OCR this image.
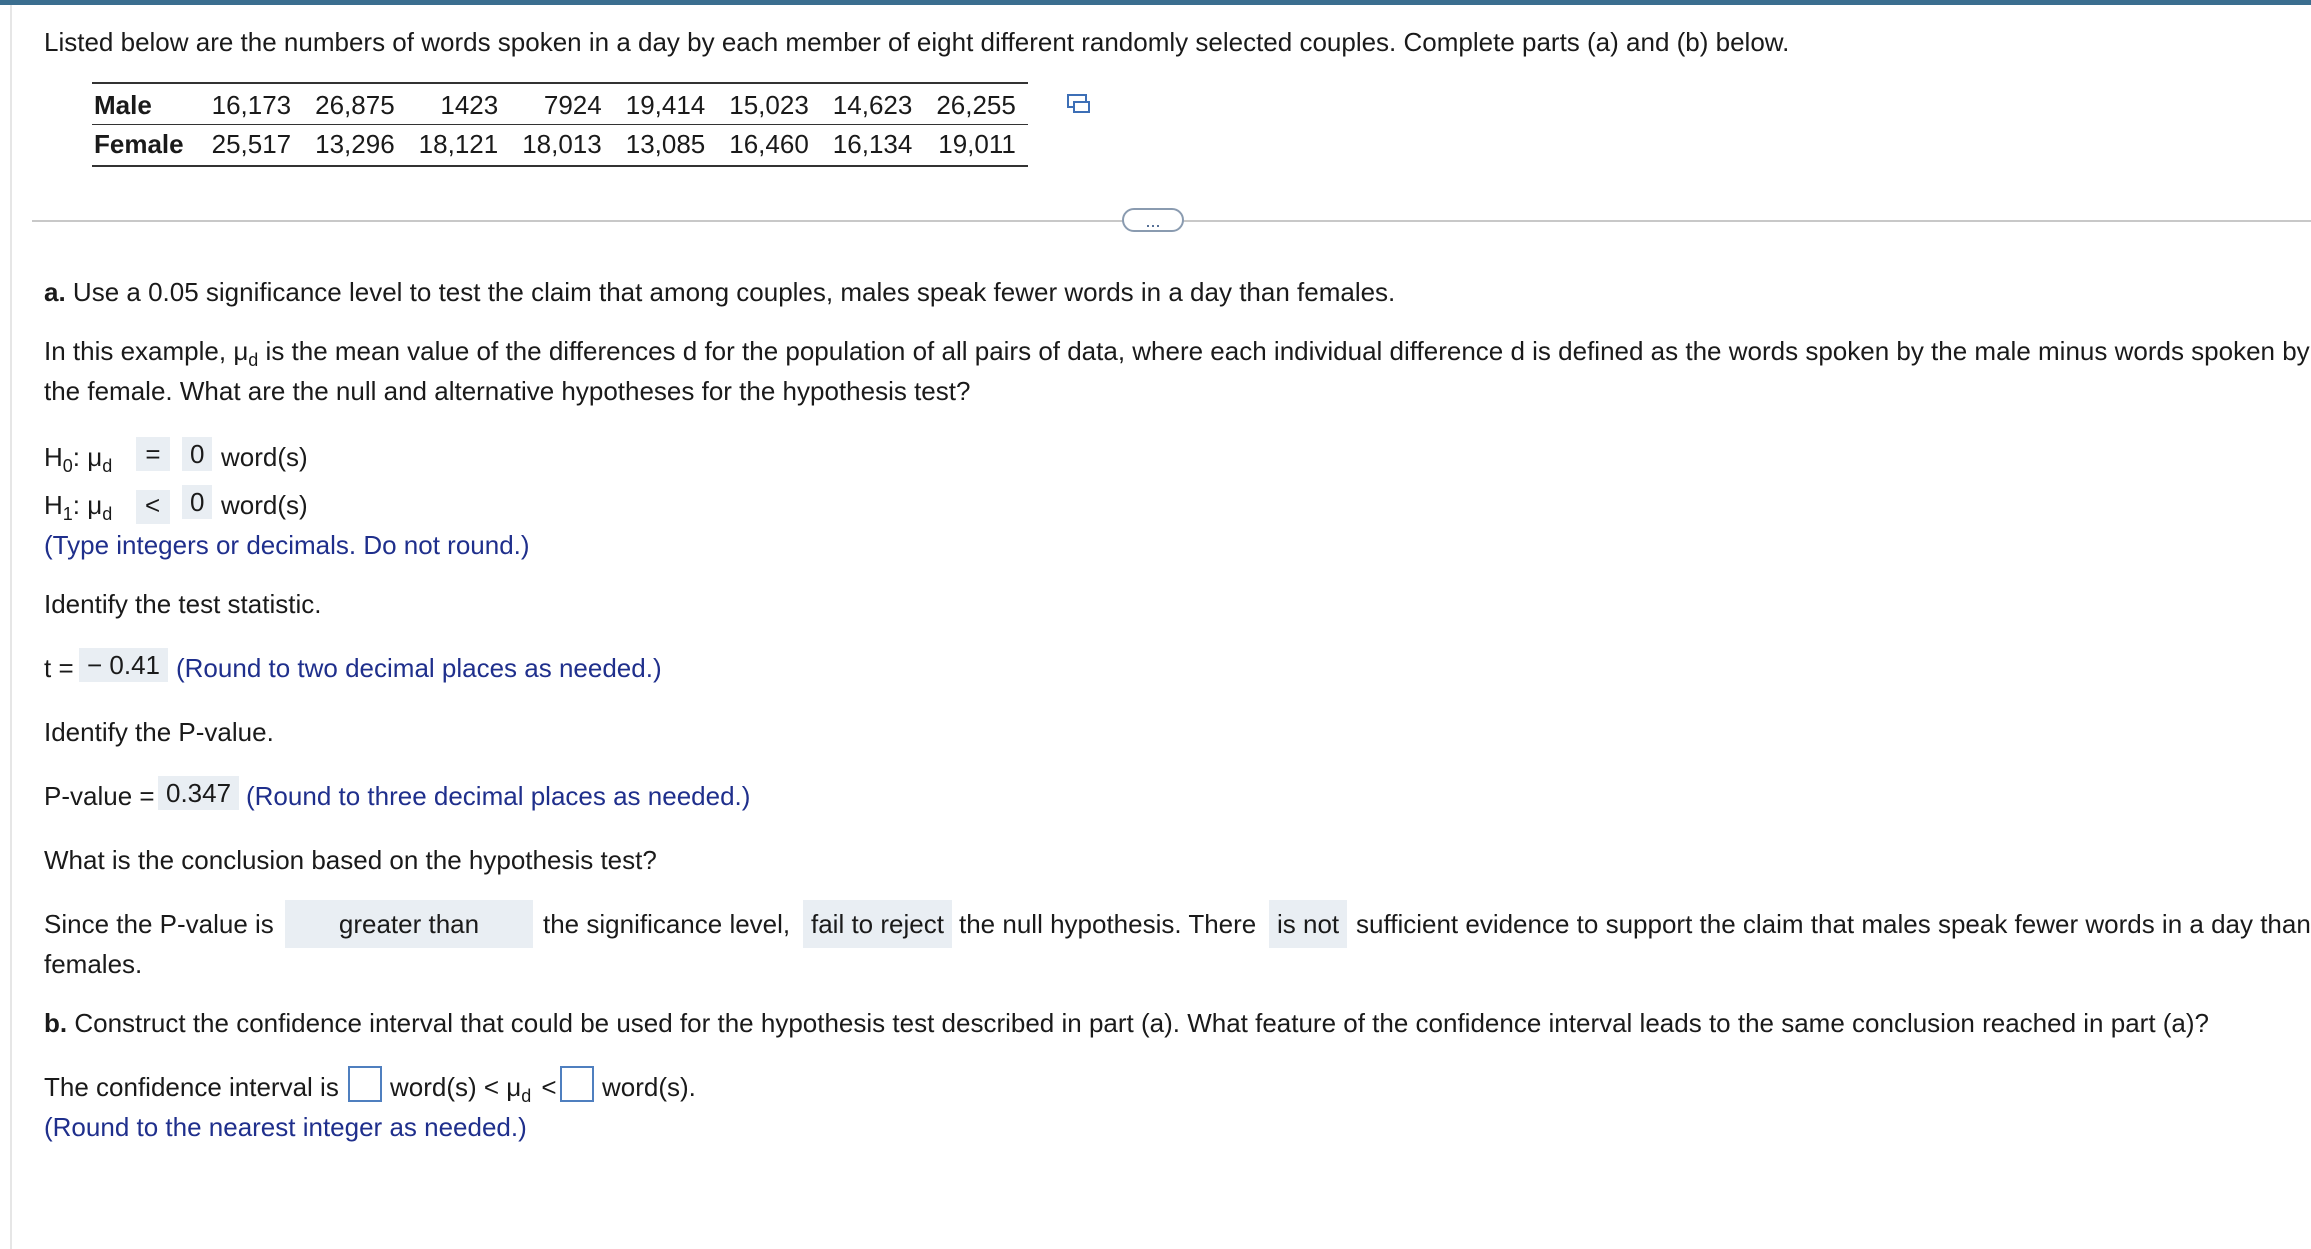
Listed below are the numbers of words spoken in a day by each member of eight different randomly selected couples. Complete parts (a) and (b) below.
Male	16,173	26,875	1423	7924	19,414	15,023	14,623	26,255
Female	25,517	13,296	18,121	18,013	13,085	16,460	16,134	19,011
...
a. Use a 0.05 significance level to test the claim that among couples, males speak fewer words in a day than females.
In this example, $\mu_d$ is the mean value of the differences d for the population of all pairs of data, where each individual difference d is defined as the words spoken by the male minus words spoken by
the female. What are the null and alternative hypotheses for the hypothesis test?
$H_0$: $\mu_d$	=	0 word(s)
$H_1$: $\mu_d$ <	0 word(s)
(Type integers or decimals. Do not round.)
Identify the test statistic.
t = − 0.41 (Round to two decimal places as needed.)
Identify the P-value.
P-value = 0.347 (Round to three decimal places as needed.)
What is the conclusion based on the hypothesis test?
Since the P-value is	greater than	the significance level, fail to reject the null hypothesis. There is not sufficient evidence to support the claim that males speak fewer words in a day than
females.
b. Construct the confidence interval that could be used for the hypothesis test described in part (a). What feature of the confidence interval leads to the same conclusion reached in part (a)?
The confidence interval is word(s) < $\mu_d$ < word(s).
(Round to the nearest integer as needed.)
